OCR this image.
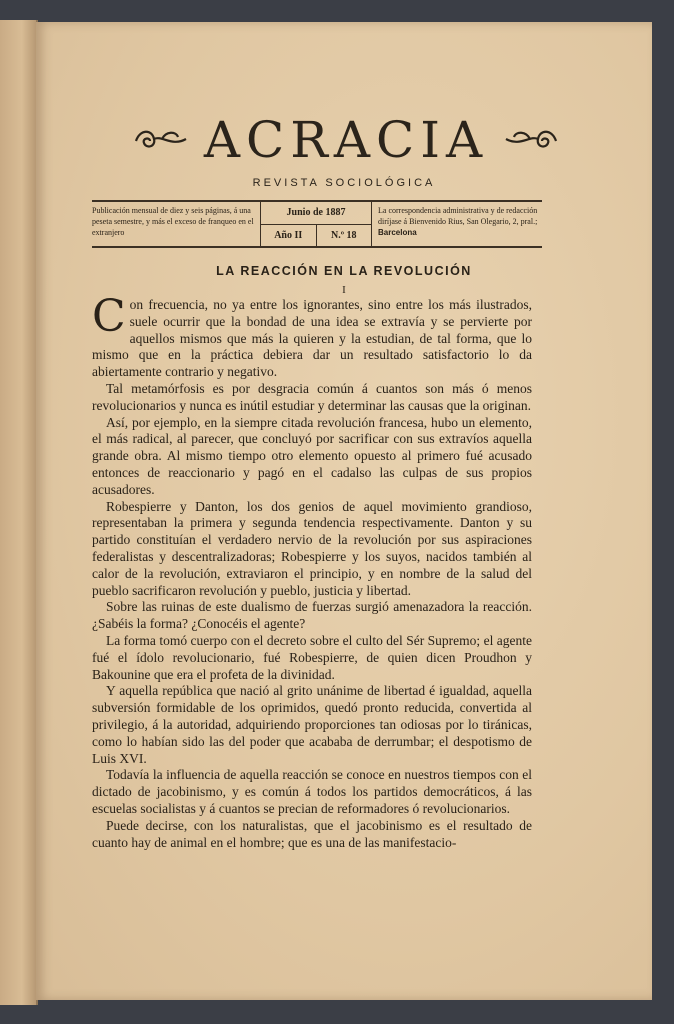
ACRACIA
REVISTA SOCIOLÓGICA
Publicación mensual de diez y seis páginas, á una peseta semestre, y más el exceso de franqueo en el extranjero
Junio de 1887
Año II	N.º 18
La correspondencia administrativa y de redacción diríjase á Bienvenido Rius, San Olegario, 2, pral.; Barcelona
LA REACCIÓN EN LA REVOLUCIÓN
I

Con frecuencia, no ya entre los ignorantes, sino entre los más ilustrados, suele ocurrir que la bondad de una idea se extravía y se pervierte por aquellos mismos que más la quieren y la estudian, de tal forma, que lo mismo que en la práctica debiera dar un resultado satisfactorio lo da abiertamente contrario y negativo.

Tal metamórfosis es por desgracia común á cuantos son más ó menos revolucionarios y nunca es inútil estudiar y determinar las causas que la originan.

Así, por ejemplo, en la siempre citada revolución francesa, hubo un elemento, el más radical, al parecer, que concluyó por sacrificar con sus extravíos aquella grande obra. Al mismo tiempo otro elemento opuesto al primero fué acusado entonces de reaccionario y pagó en el cadalso las culpas de sus propios acusadores.

Robespierre y Danton, los dos genios de aquel movimiento grandioso, representaban la primera y segunda tendencia respectivamente. Danton y su partido constituían el verdadero nervio de la revolución por sus aspiraciones federalistas y descentralizadoras; Robespierre y los suyos, nacidos también al calor de la revolución, extraviaron el principio, y en nombre de la salud del pueblo sacrificaron revolución y pueblo, justicia y libertad.

Sobre las ruinas de este dualismo de fuerzas surgió amenazadora la reacción. ¿Sabéis la forma? ¿Conocéis el agente?

La forma tomó cuerpo con el decreto sobre el culto del Sér Supremo; el agente fué el ídolo revolucionario, fué Robespierre, de quien dicen Proudhon y Bakounine que era el profeta de la divinidad.

Y aquella república que nació al grito unánime de libertad é igualdad, aquella subversión formidable de los oprimidos, quedó pronto reducida, convertida al privilegio, á la autoridad, adquiriendo proporciones tan odiosas por lo tiránicas, como lo habían sido las del poder que acababa de derrumbar; el despotismo de Luis XVI.

Todavía la influencia de aquella reacción se conoce en nuestros tiempos con el dictado de jacobinismo, y es común á todos los partidos democráticos, á las escuelas socialistas y á cuantos se precian de reformadores ó revolucionarios.

Puede decirse, con los naturalistas, que el jacobinismo es el resultado de cuanto hay de animal en el hombre; que es una de las manifestacio-
